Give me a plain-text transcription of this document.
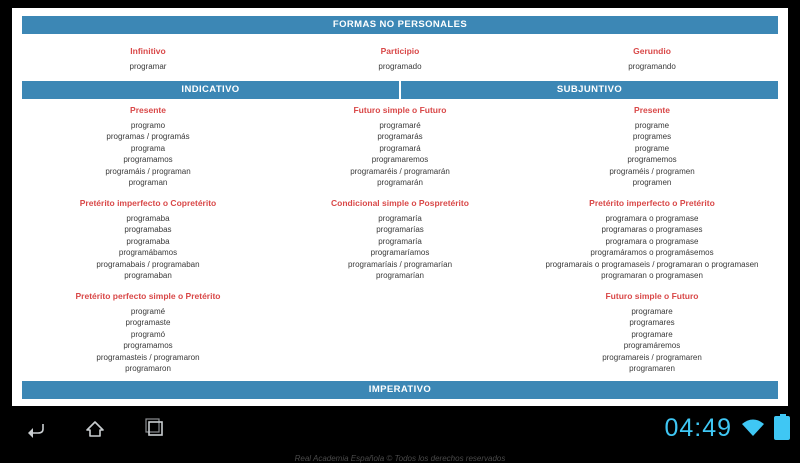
FORMAS NO PERSONALES
Infinitivo
programar
Participio
programado
Gerundio
programando
INDICATIVO	SUBJUNTIVO
Presente
programo
programas / programás
programa
programamos
programáis / programan
programan
Pretérito imperfecto o Copretérito
programaba
programabas
programaba
programábamos
programabais / programaban
programaban
Pretérito perfecto simple o Pretérito
programé
programaste
programó
programamos
programasteis / programaron
programaron
Futuro simple o Futuro
programaré
programarás
programará
programaremos
programaréis / programarán
programarán
Condicional simple o Pospretérito
programaría
programarías
programaría
programaríamos
programaríais / programarían
programarían
Presente
programe
programes
programe
programemos
programéis / programen
programen
Pretérito imperfecto o Pretérito
programara o programase
programaras o programases
programara o programase
programáramos o programásemos
programarais o programaseis / programaran o programasen
programaran o programasen
Futuro simple o Futuro
programare
programares
programare
programáremos
programareis / programaren
programaren
IMPERATIVO
Real Academia Española © Todos los derechos reservados
04:49
